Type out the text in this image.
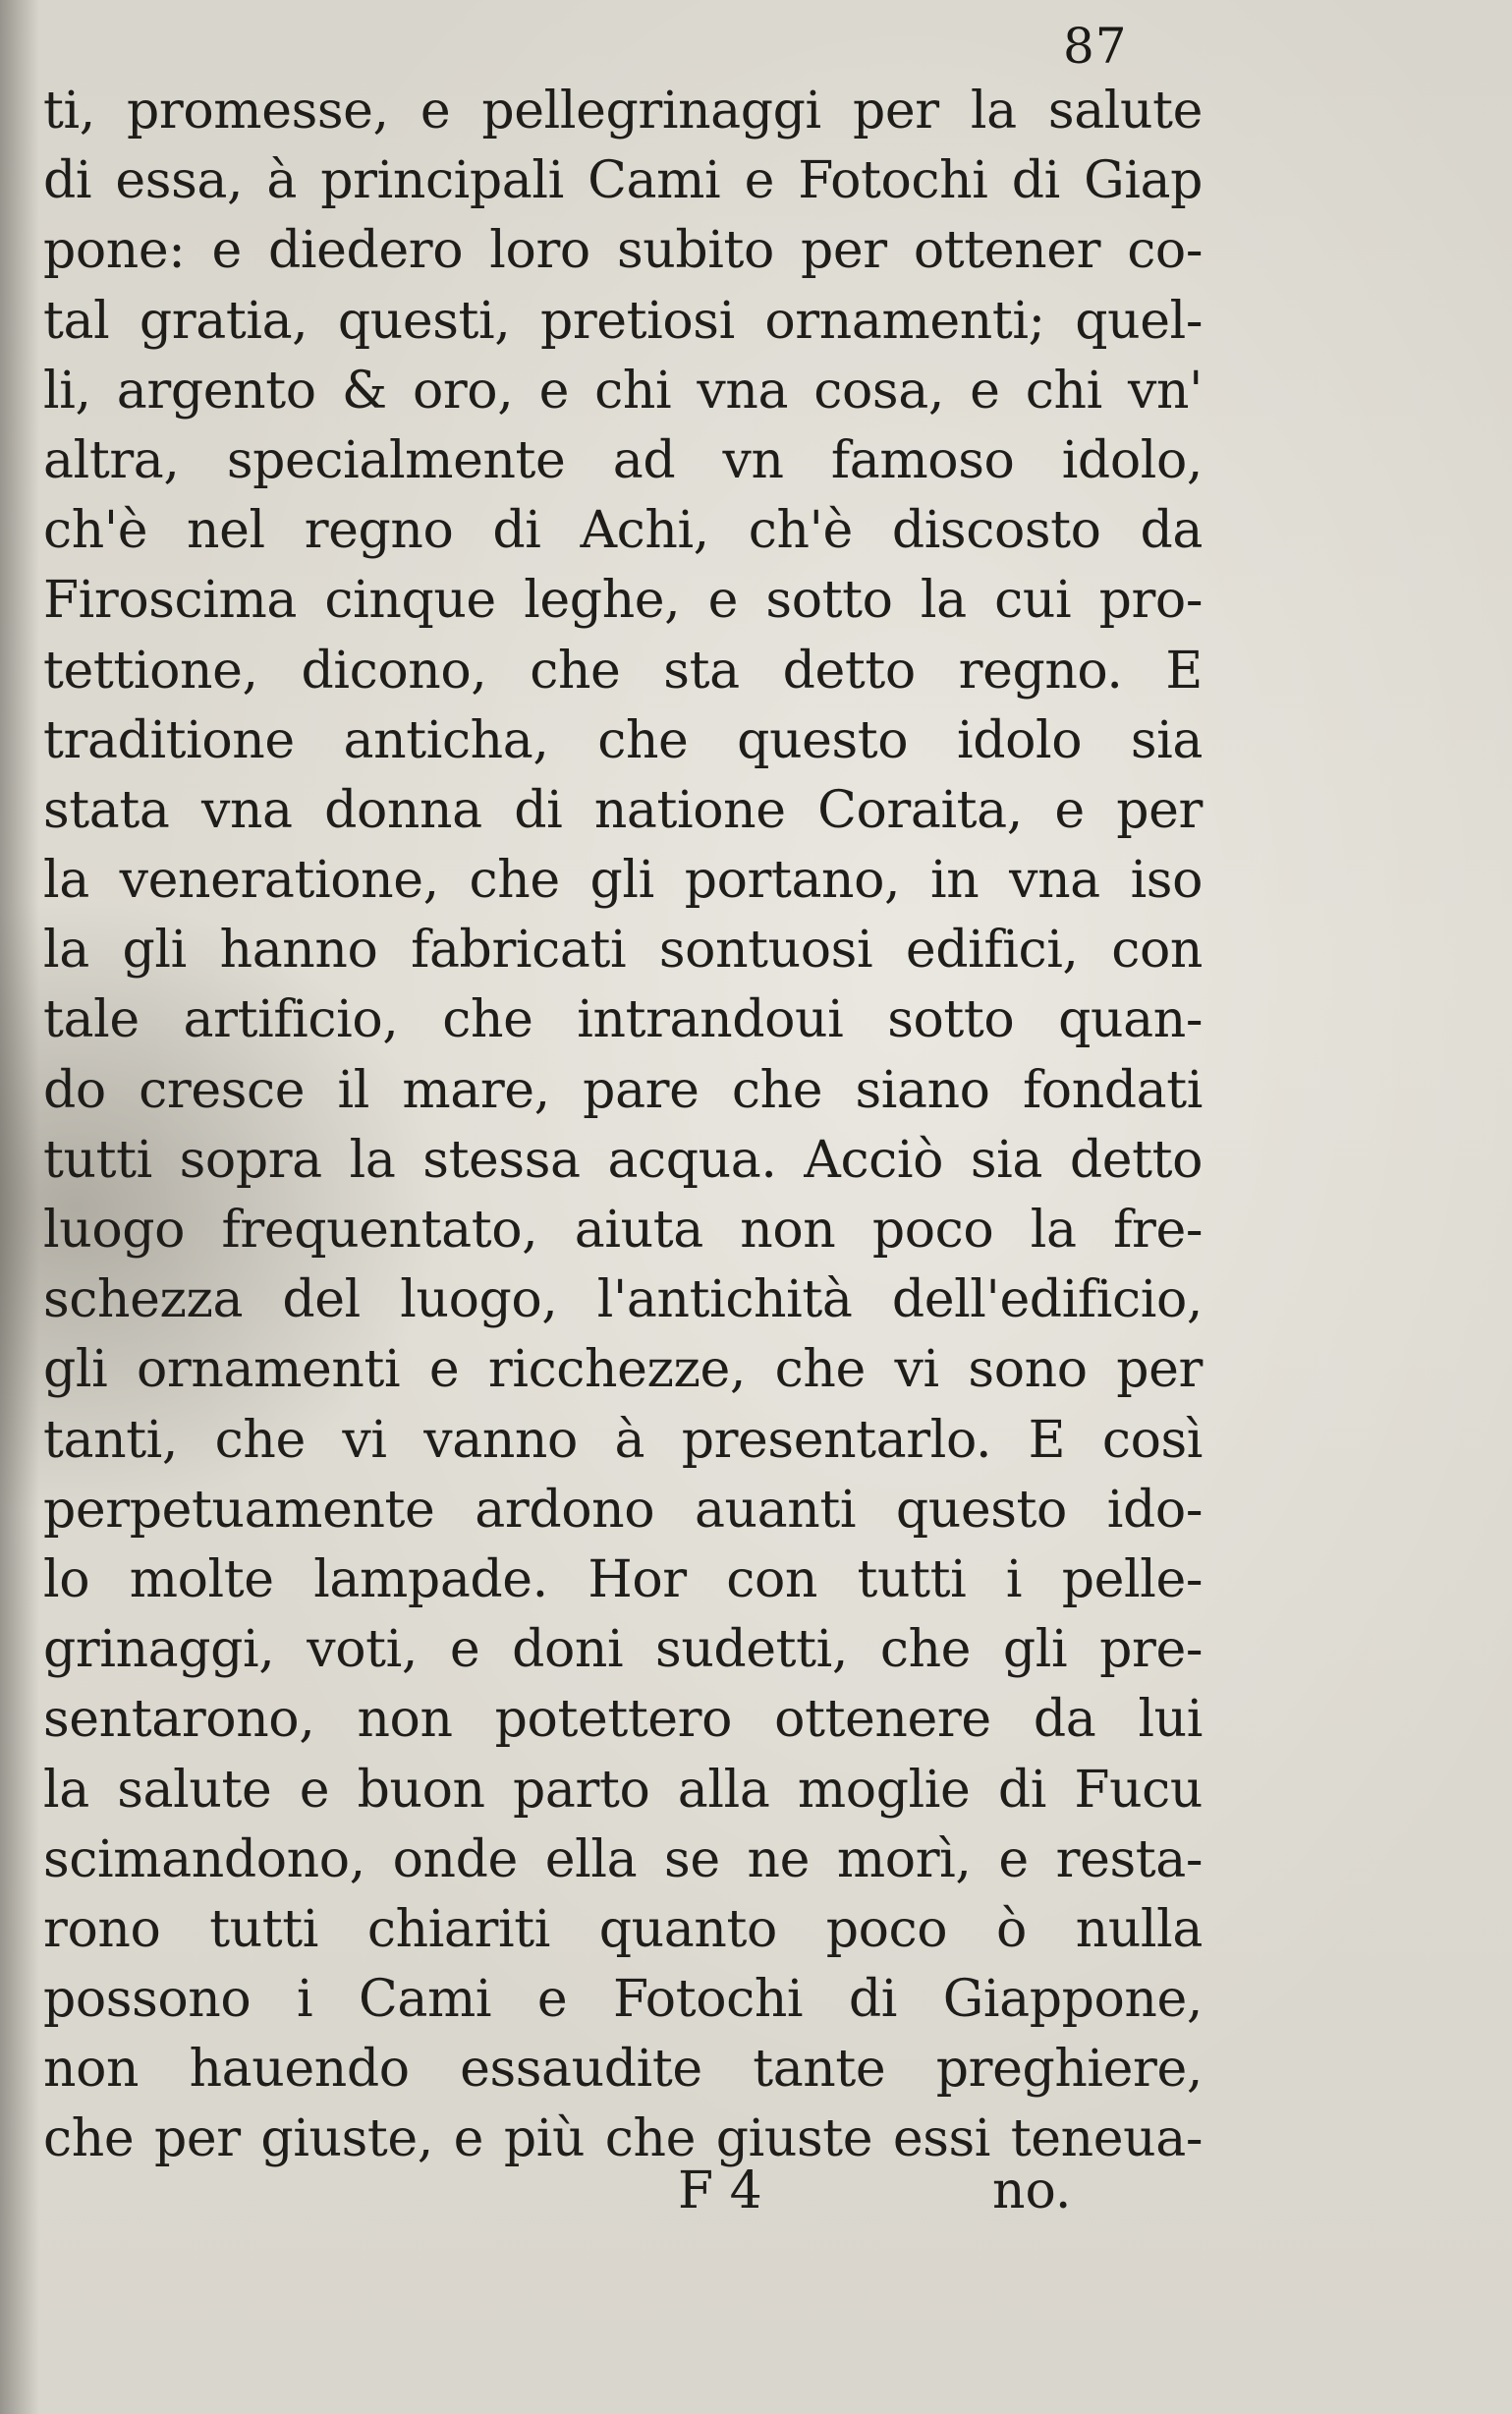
87
ti, promesse, e pellegrinaggi per la salute
di essa, à principali Cami e Fotochi di Giap
pone: e diedero loro subito per ottener co-
tal gratia, questi, pretiosi ornamenti; quel-
li, argento & oro, e chi vna cosa, e chi vn'
altra, specialmente ad vn famoso idolo,
ch'è nel regno di Achi, ch'è discosto da
Firoscima cinque leghe, e sotto la cui pro-
tettione, dicono, che sta detto regno. E
traditione anticha, che questo idolo sia
stata vna donna di natione Coraita, e per
la veneratione, che gli portano, in vna iso
la gli hanno fabricati sontuosi edifici, con
tale artificio, che intrandoui sotto quan-
do cresce il mare, pare che siano fondati
tutti sopra la stessa acqua. Acciò sia detto
luogo frequentato, aiuta non poco la fre-
schezza del luogo, l'antichità dell'edificio,
gli ornamenti e ricchezze, che vi sono per
tanti, che vi vanno à presentarlo. E così
perpetuamente ardono auanti questo ido-
lo molte lampade. Hor con tutti i pelle-
grinaggi, voti, e doni sudetti, che gli pre-
sentarono, non potettero ottenere da lui
la salute e buon parto alla moglie di Fucu
scimandono, onde ella se ne morì, e resta-
rono tutti chiariti quanto poco ò nulla
possono i Cami e Fotochi di Giappone,
non hauendo essaudite tante preghiere,
che per giuste, e più che giuste essi teneua-
F 4	no.
